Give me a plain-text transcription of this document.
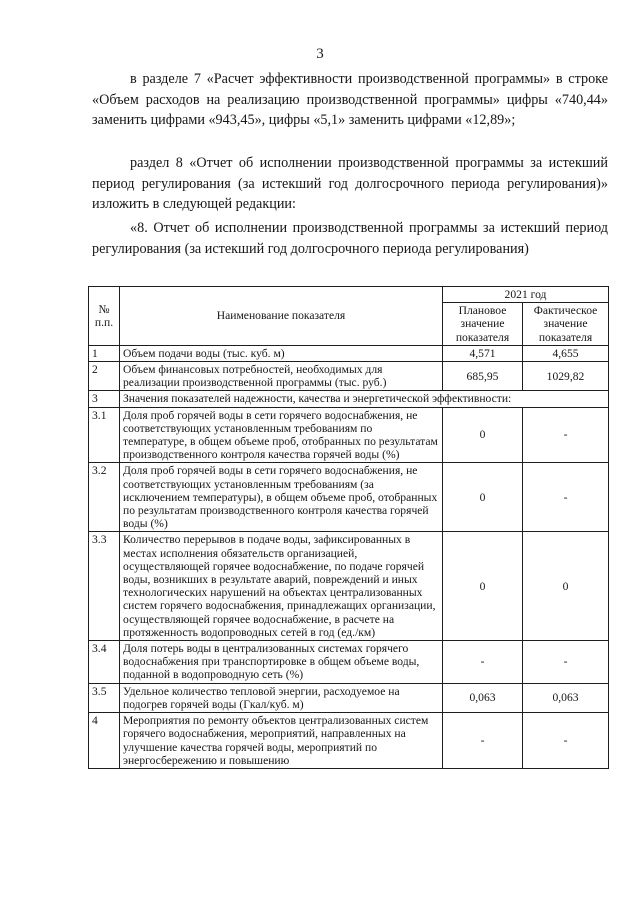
3
в разделе 7 «Расчет эффективности производственной программы» в строке «Объем расходов на реализацию производственной программы» цифры «740,44» заменить цифрами «943,45», цифры «5,1» заменить цифрами «12,89»;
раздел 8 «Отчет об исполнении производственной программы за истекший период регулирования (за истекший год долгосрочного периода регулирования)» изложить в следующей редакции:
«8. Отчет об исполнении производственной программы за истекший период регулирования (за истекший год долгосрочного периода регулирования)
№ п.п.	Наименование показателя	2021 год	
		Плановое значение показателя	Фактическое значение показателя
1	Объем подачи воды (тыс. куб. м)	4,571	4,655
2	Объем финансовых потребностей, необходимых для реализации производственной программы (тыс. руб.)	685,95	1029,82
3	Значения показателей надежности, качества и энергетической эффективности:		
3.1	Доля проб горячей воды в сети горячего водоснабжения, не соответствующих установленным требованиям по температуре, в общем объеме проб, отобранных по результатам производственного контроля качества горячей воды (%)	0	-
3.2	Доля проб горячей воды в сети горячего водоснабжения, не соответствующих установленным требованиям (за исключением температуры), в общем объеме проб, отобранных по результатам производственного контроля качества горячей воды (%)	0	-
3.3	Количество перерывов в подаче воды, зафиксированных в местах исполнения обязательств организацией, осуществляющей горячее водоснабжение, по подаче горячей воды, возникших в результате аварий, повреждений и иных технологических нарушений на объектах централизованных систем горячего водоснабжения, принадлежащих организации, осуществляющей горячее водоснабжение, в расчете на протяженность водопроводных сетей в год (ед./км)	0	0
3.4	Доля потерь воды в централизованных системах горячего водоснабжения при транспортировке в общем объеме воды, поданной в водопроводную сеть (%)	-	-
3.5	Удельное количество тепловой энергии, расходуемое на подогрев горячей воды (Гкал/куб. м)	0,063	0,063
4	Мероприятия по ремонту объектов централизованных систем горячего водоснабжения, мероприятий, направленных на улучшение качества горячей воды, мероприятий по энергосбережению и повышению	-	-
